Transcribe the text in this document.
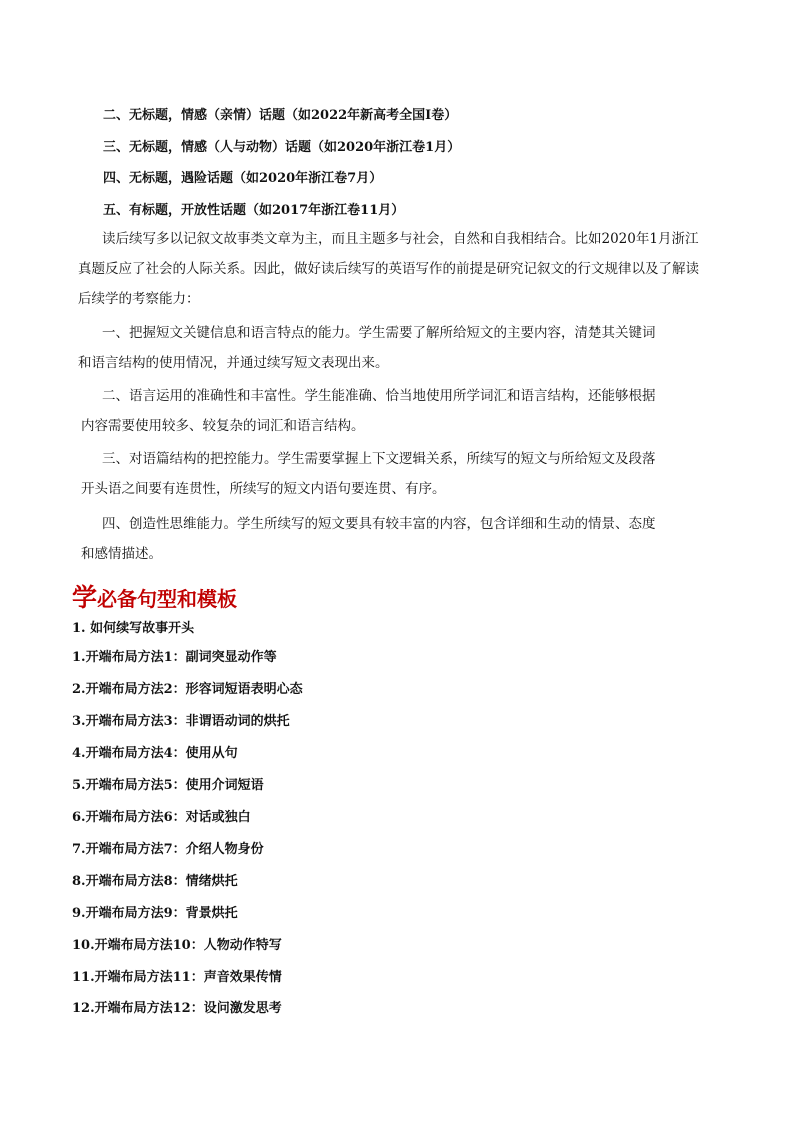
二、无标题，情感（亲情）话题（如2022年新高考全国Ⅰ卷）
三、无标题，情感（人与动物）话题（如2020年浙江卷1月）
四、无标题，遇险话题（如2020年浙江卷7月）
五、有标题，开放性话题（如2017年浙江卷11月）
读后续写多以记叙文故事类文章为主，而且主题多与社会，自然和自我相结合。比如2020年1月浙江
真题反应了社会的人际关系。因此，做好读后续写的英语写作的前提是研究记叙文的行文规律以及了解读
后续学的考察能力：
一、把握短文关键信息和语言特点的能力。学生需要了解所给短文的主要内容，清楚其关键词
和语言结构的使用情况，并通过续写短文表现出来。
二、语言运用的准确性和丰富性。学生能准确、恰当地使用所学词汇和语言结构，还能够根据
内容需要使用较多、较复杂的词汇和语言结构。
三、对语篇结构的把控能力。学生需要掌握上下文逻辑关系，所续写的短文与所给短文及段落
开头语之间要有连贯性，所续写的短文内语句要连贯、有序。
四、创造性思维能力。学生所续写的短文要具有较丰富的内容，包含详细和生动的情景、态度
和感情描述。
学必备句型和模板
1. 如何续写故事开头
1.开端布局方法1：副词突显动作等
2.开端布局方法2：形容词短语表明心态
3.开端布局方法3：非谓语动词的烘托
4.开端布局方法4：使用从句
5.开端布局方法5：使用介词短语
6.开端布局方法6：对话或独白
7.开端布局方法7：介绍人物身份
8.开端布局方法8：情绪烘托
9.开端布局方法9：背景烘托
10.开端布局方法10：人物动作特写
11.开端布局方法11：声音效果传情
12.开端布局方法12：设问激发思考
